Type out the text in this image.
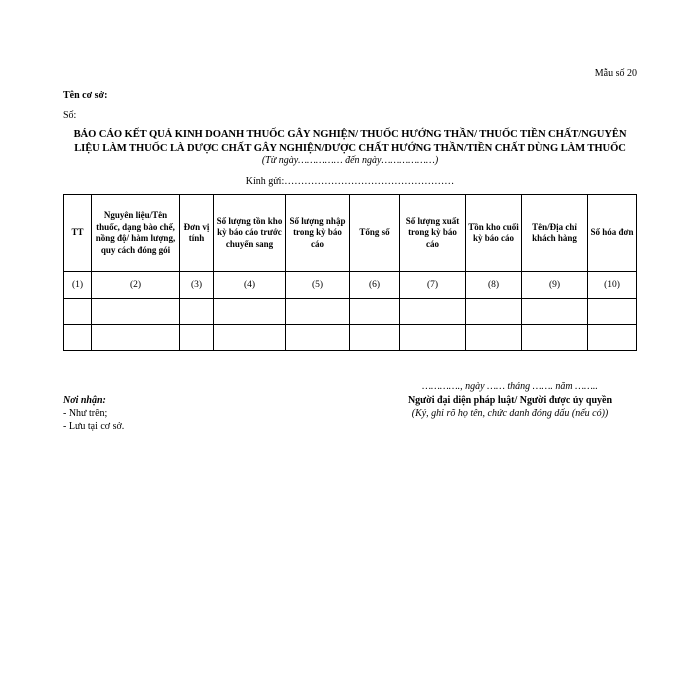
Mẫu số 20
Tên cơ sở:
Số:
BÁO CÁO KẾT QUẢ KINH DOANH THUỐC GÂY NGHIỆN/ THUỐC HƯỚNG THẦN/ THUỐC TIỀN CHẤT/NGUYÊN
LIỆU LÀM THUỐC LÀ DƯỢC CHẤT GÂY NGHIỆN/DƯỢC CHẤT HƯỚNG THẦN/TIỀN CHẤT DÙNG LÀM THUỐC
(Từ ngày…………… đến ngày………………)
Kính gửi:……………………………………………
TT	Nguyên liệu/Tên thuốc, dạng bào chế, nồng độ/ hàm lượng, quy cách đóng gói	Đơn vị tính	Số lượng tồn kho kỳ báo cáo trước chuyển sang	Số lượng nhập trong kỳ báo cáo	Tổng số	Số lượng xuất trong kỳ báo cáo	Tồn kho cuối kỳ báo cáo	Tên/Địa chỉ khách hàng	Số hóa đơn
(1)	(2)	(3)	(4)	(5)	(6)	(7)	(8)	(9)	(10)

Nơi nhận:
- Như trên;
- Lưu tại cơ sở.
…………., ngày …… tháng ……. năm ……..
Người đại diện pháp luật/ Người được ủy quyền
(Ký, ghi rõ họ tên, chức danh đóng dấu (nếu có))
